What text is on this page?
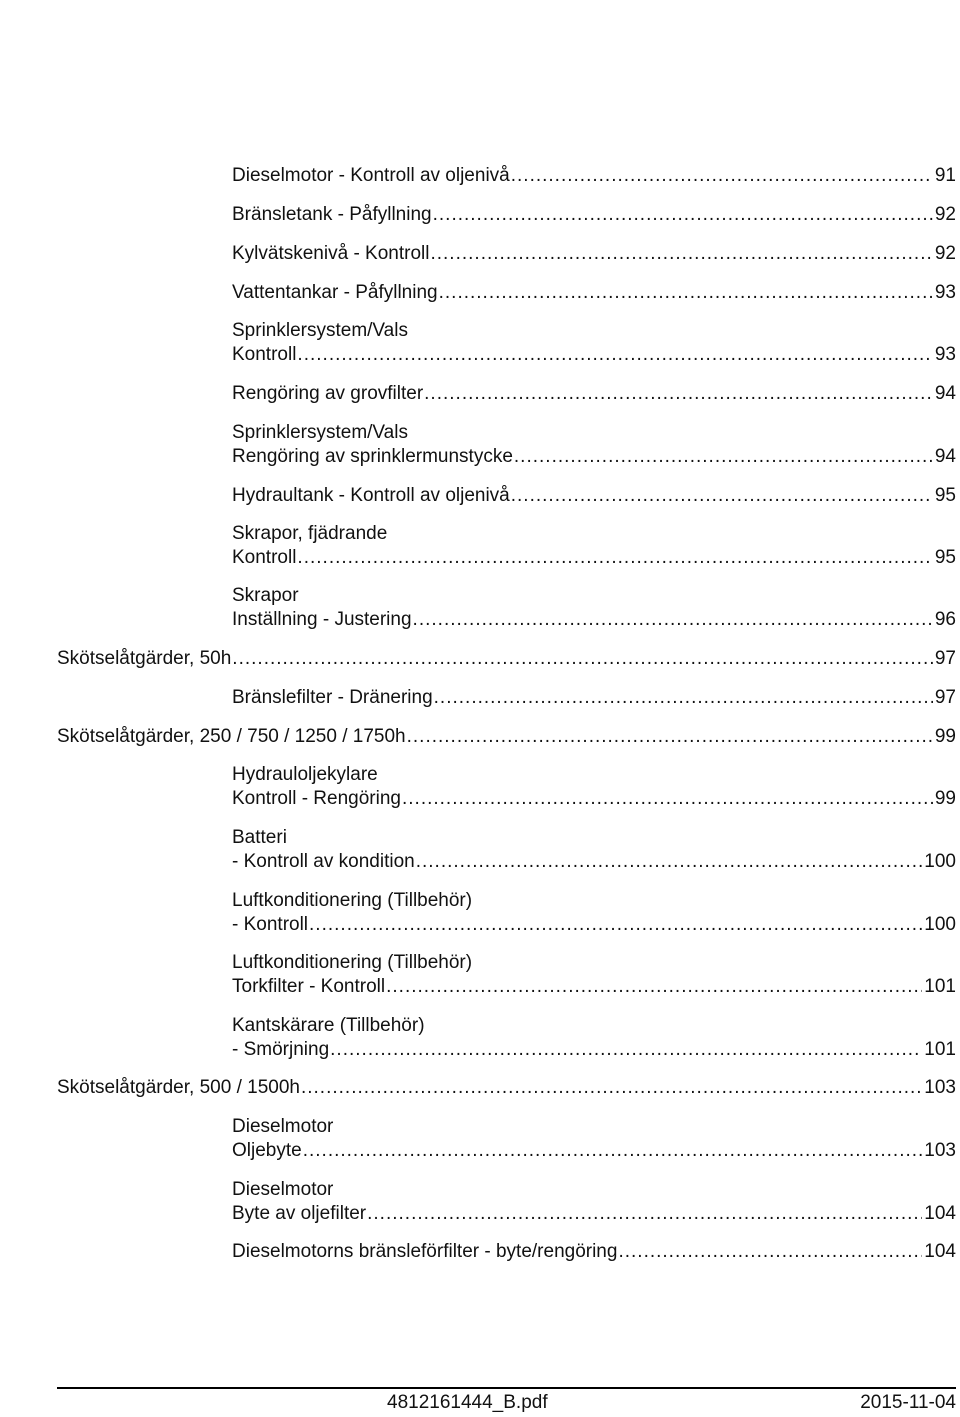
Dieselmotor - Kontroll av oljenivå .....	91
Bränsletank - Påfyllning .....	92
Kylvätskenivå - Kontroll .....	92
Vattentankar - Påfyllning .....	93
Sprinklersystem/Vals
Kontroll .....	93
Rengöring av grovfilter .....	94
Sprinklersystem/Vals
Rengöring av sprinklermunstycke .....	94
Hydraultank - Kontroll av oljenivå .....	95
Skrapor, fjädrande
Kontroll .....	95
Skrapor
Inställning - Justering .....	96
Skötselåtgärder, 50h .....	97
Bränslefilter - Dränering .....	97
Skötselåtgärder, 250 / 750 / 1250 / 1750h .....	99
Hydrauloljekylare
Kontroll - Rengöring .....	99
Batteri
- Kontroll av kondition .....	100
Luftkonditionering (Tillbehör)
- Kontroll .....	100
Luftkonditionering (Tillbehör)
Torkfilter - Kontroll .....	101
Kantskärare (Tillbehör)
- Smörjning .....	101
Skötselåtgärder, 500 / 1500h .....	103
Dieselmotor
Oljebyte .....	103
Dieselmotor
Byte av oljefilter .....	104
Dieselmotorns bränsleförfilter - byte/rengöring .....	104
4812161444_B.pdf	2015-11-04
